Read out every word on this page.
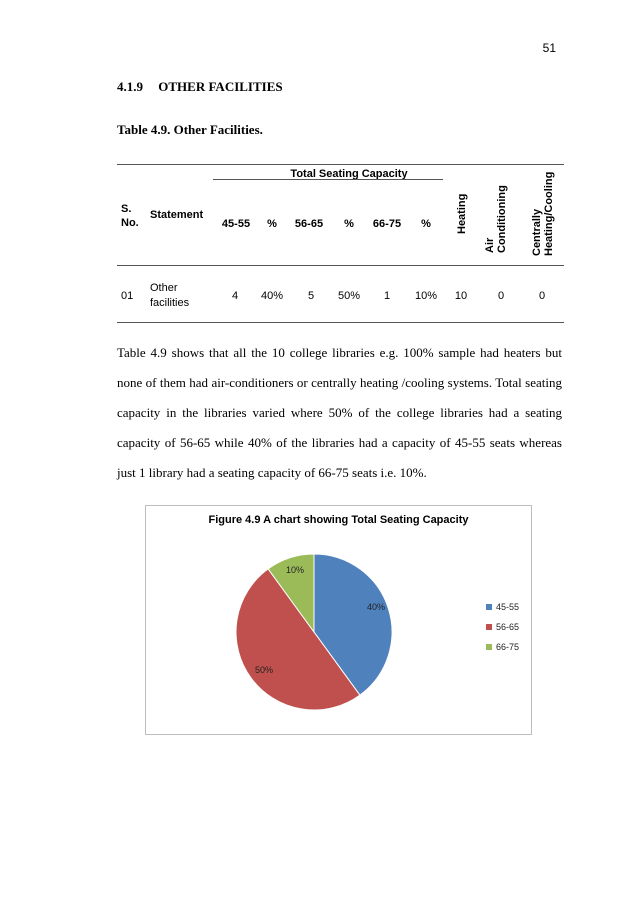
51
4.1.9 OTHER FACILITIES
Table 4.9. Other Facilities.
Total Seating Capacity
S.
No.
Statement
45-55 % 56-65 % 66-75 % Heating
Air
Conditioning Centrally
Heating/Cooling
01
Other
facilities
4 40% 5 50% 1 10% 10	0	0
Table 4.9 shows that all the 10 college libraries e.g. 100% sample had heaters but none of them had air-conditioners or centrally heating /cooling systems. Total seating capacity in the libraries varied where 50% of the college libraries had a seating capacity of 56-65 while 40% of the libraries had a capacity of 45-55 seats whereas just 1 library had a seating capacity of 66-75 seats i.e. 10%.
Figure 4.9 A chart showing Total Seating Capacity
40%
50%
10%
45-55
56-65
66-75
